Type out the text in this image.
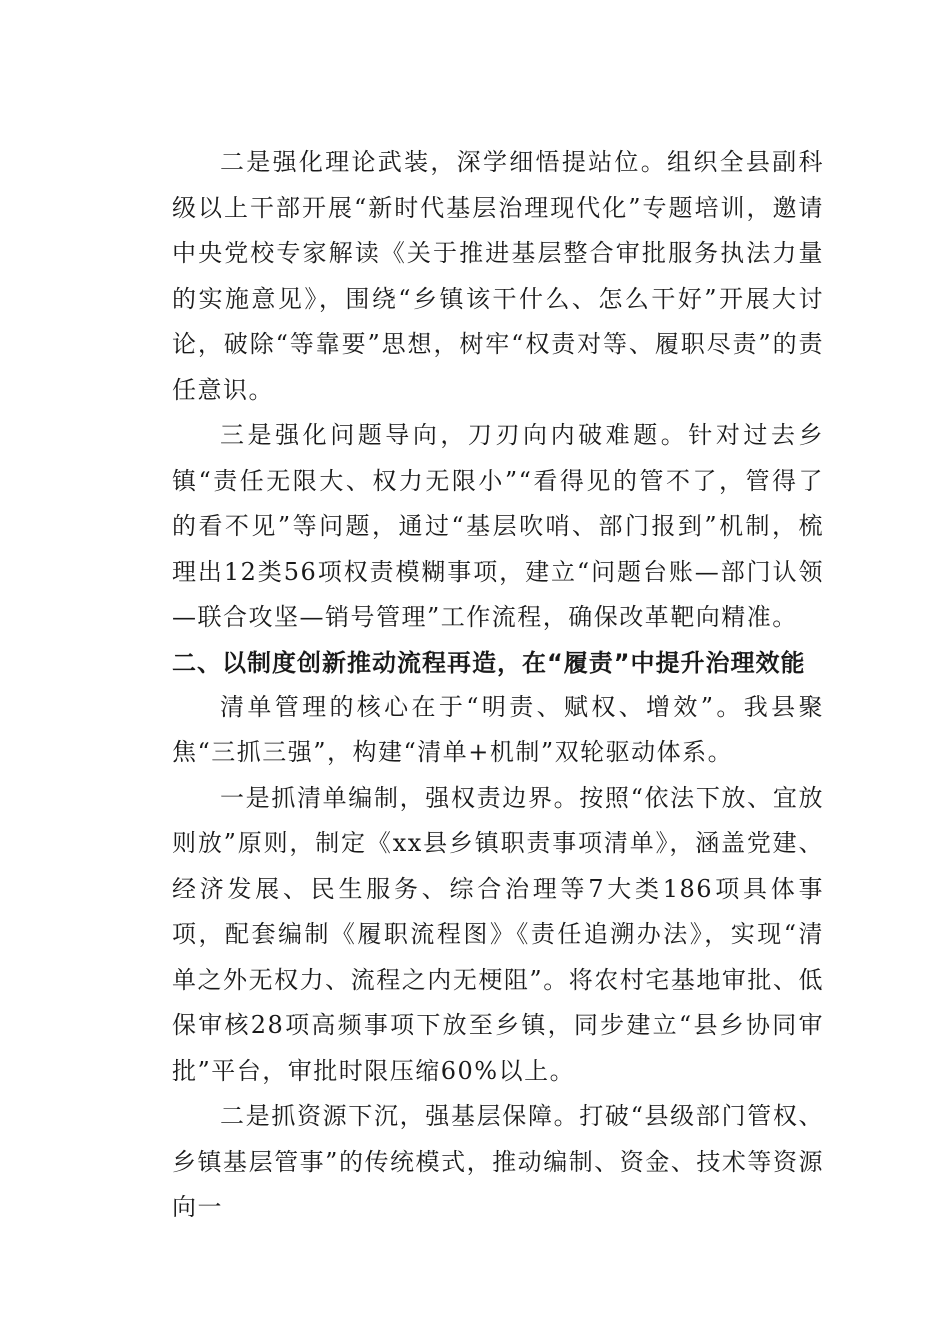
二是强化理论武装，深学细悟提站位。组织全县副科级以上干部开展“新时代基层治理现代化”专题培训，邀请中央党校专家解读《关于推进基层整合审批服务执法力量的实施意见》，围绕“乡镇该干什么、怎么干好”开展大讨论，破除“等靠要”思想，树牢“权责对等、履职尽责”的责任意识。

三是强化问题导向，刀刃向内破难题。针对过去乡镇“责任无限大、权力无限小”“看得见的管不了，管得了的看不见”等问题，通过“基层吹哨、部门报到”机制，梳理出12类56项权责模糊事项，建立“问题台账—部门认领—联合攻坚—销号管理”工作流程，确保改革靶向精准。

二、以制度创新推动流程再造，在“履责”中提升治理效能

清单管理的核心在于“明责、赋权、增效”。我县聚焦“三抓三强”，构建“清单+机制”双轮驱动体系。

一是抓清单编制，强权责边界。按照“依法下放、宜放则放”原则，制定《xx县乡镇职责事项清单》，涵盖党建、经济发展、民生服务、综合治理等7大类186项具体事项，配套编制《履职流程图》《责任追溯办法》，实现“清单之外无权力、流程之内无梗阻”。将农村宅基地审批、低保审核28项高频事项下放至乡镇，同步建立“县乡协同审批”平台，审批时限压缩60%以上。

二是抓资源下沉，强基层保障。打破“县级部门管权、乡镇基层管事”的传统模式，推动编制、资金、技术等资源向一
